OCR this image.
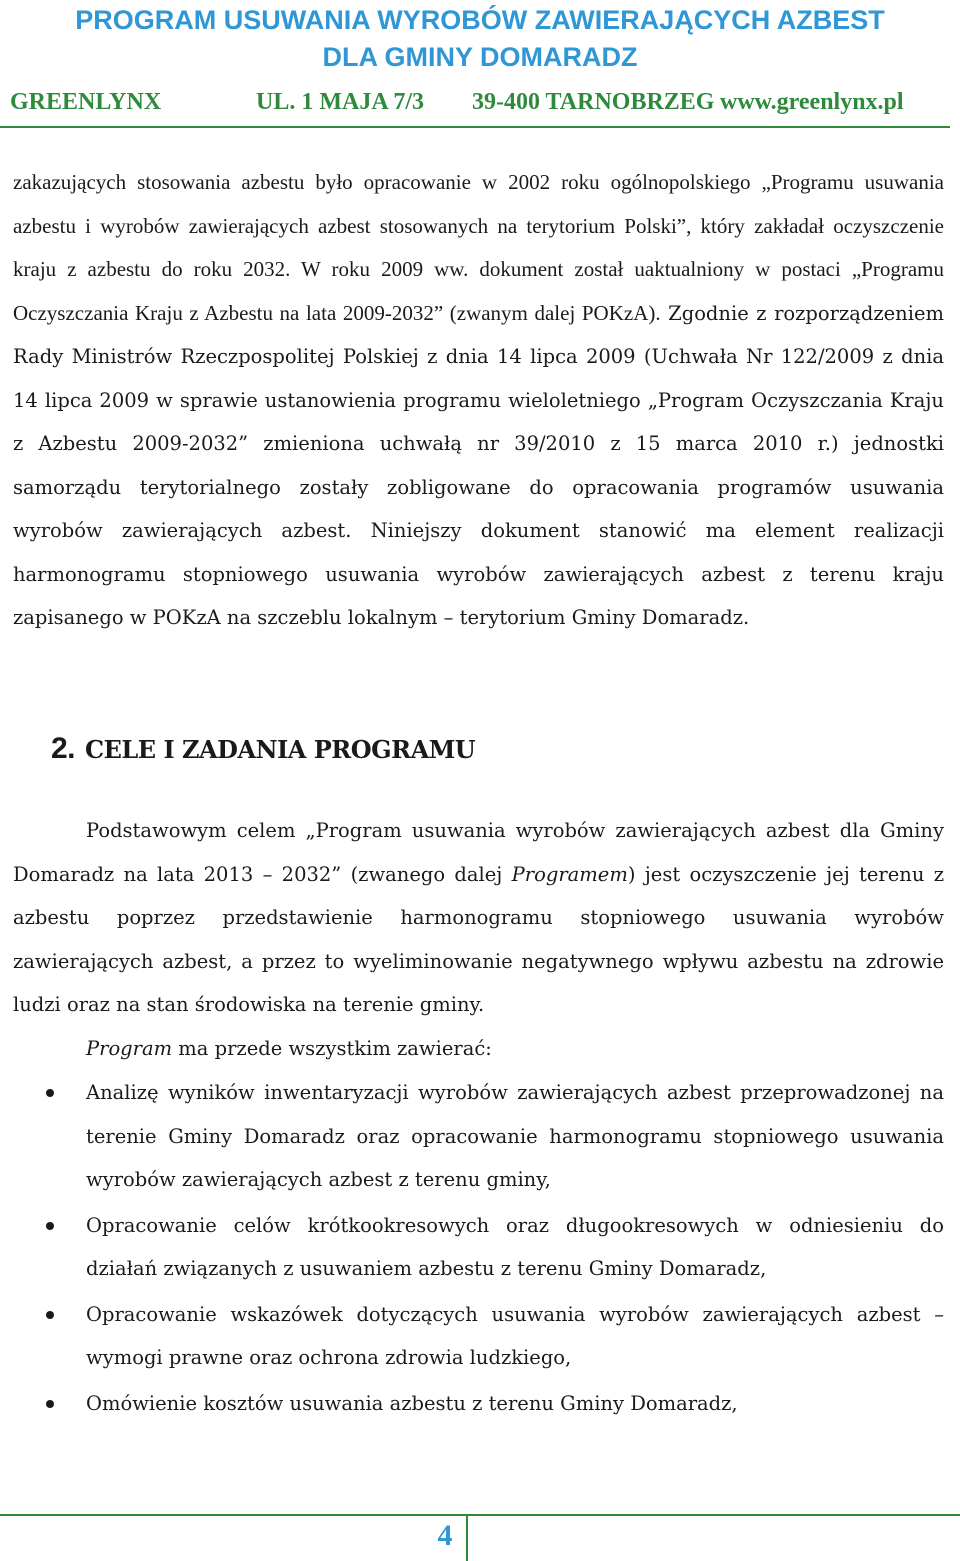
PROGRAM USUWANIA WYROBÓW ZAWIERAJĄCYCH AZBEST
DLA GMINY DOMARADZ
GREENLYNX	UL. 1 MAJA 7/3 39-400 TARNOBRZEG www.greenlynx.pl
zakazujących stosowania azbestu było opracowanie w 2002 roku ogólnopolskiego „Programu usuwania azbestu i wyrobów zawierających azbest stosowanych na terytorium Polski”, który zakładał oczyszczenie kraju z azbestu do roku 2032. W roku 2009 ww. dokument został uaktualniony w postaci „Programu Oczyszczania Kraju z Azbestu na lata 2009-2032” (zwanym dalej POKzA). Zgodnie z rozporządzeniem Rady Ministrów Rzeczpospolitej Polskiej z dnia 14 lipca 2009 (Uchwała Nr 122/2009 z dnia 14 lipca 2009 w sprawie ustanowienia programu wieloletniego „Program Oczyszczania Kraju z Azbestu 2009-2032” zmieniona uchwałą nr 39/2010 z 15 marca 2010 r.) jednostki samorządu terytorialnego zostały zobligowane do opracowania programów usuwania wyrobów zawierających azbest. Niniejszy dokument stanowić ma element realizacji harmonogramu stopniowego usuwania wyrobów zawierających azbest z terenu kraju zapisanego w POKzA na szczeblu lokalnym – terytorium Gminy Domaradz.
2. CELE I ZADANIA PROGRAMU
Podstawowym celem „Program usuwania wyrobów zawierających azbest dla Gminy Domaradz na lata 2013 – 2032” (zwanego dalej Programem) jest oczyszczenie jej terenu z azbestu poprzez przedstawienie harmonogramu stopniowego usuwania wyrobów zawierających azbest, a przez to wyeliminowanie negatywnego wpływu azbestu na zdrowie ludzi oraz na stan środowiska na terenie gminy.
Program ma przede wszystkim zawierać:
Analizę wyników inwentaryzacji wyrobów zawierających azbest przeprowadzonej na terenie Gminy Domaradz oraz opracowanie harmonogramu stopniowego usuwania wyrobów zawierających azbest z terenu gminy,
Opracowanie celów krótkookresowych oraz długookresowych w odniesieniu do działań związanych z usuwaniem azbestu z terenu Gminy Domaradz,
Opracowanie wskazówek dotyczących usuwania wyrobów zawierających azbest – wymogi prawne oraz ochrona zdrowia ludzkiego,
Omówienie kosztów usuwania azbestu z terenu Gminy Domaradz,
4
